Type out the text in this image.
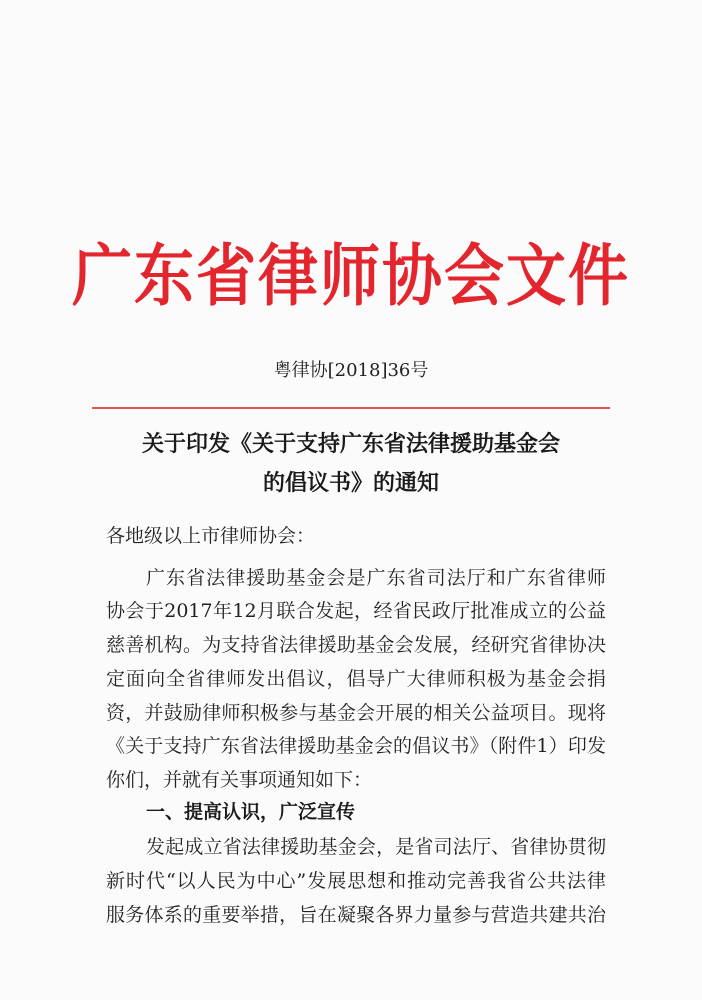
广东省律师协会文件
粤律协[2018]36号
关于印发《关于支持广东省法律援助基金会
的倡议书》的通知
各地级以上市律师协会：
广东省法律援助基金会是广东省司法厅和广东省律师
协会于2017年12月联合发起，经省民政厅批准成立的公益
慈善机构。为支持省法律援助基金会发展，经研究省律协决
定面向全省律师发出倡议，倡导广大律师积极为基金会捐
资，并鼓励律师积极参与基金会开展的相关公益项目。现将
《关于支持广东省法律援助基金会的倡议书》（附件1）印发
你们，并就有关事项通知如下：
一、提高认识，广泛宣传
发起成立省法律援助基金会，是省司法厅、省律协贯彻
新时代“以人民为中心”发展思想和推动完善我省公共法律
服务体系的重要举措，旨在凝聚各界力量参与营造共建共治
